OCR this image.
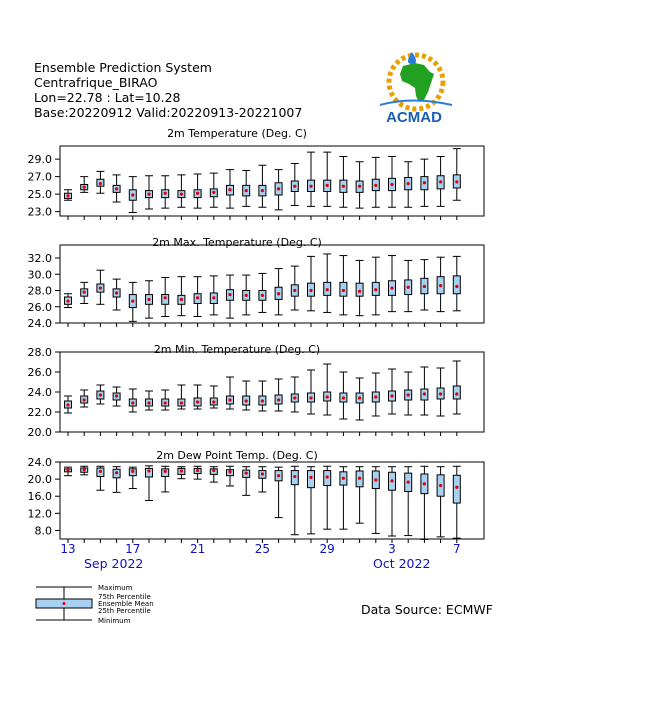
Ensemble Prediction System
Centrafrique_BIRAO
Lon=22.78 : Lat=10.28
Base:20220912 Valid:20220913-20221007	ACMAD
2m Temperature (Deg. C)
23.0
25.0
27.0
29.0
2m Max. Temperature (Deg. C)
24.0
26.0
28.0
30.0
32.0
2m Min. Temperature (Deg. C)
20.0
22.0
24.0
26.0
28.0
2m Dew Point Temp. (Deg. C)
8.0
12.0
16.0
20.0
24.0
13	17	21	25	29	3	7
Sep 2022	Oct 2022
Maximum
75th Percentile
Ensemble Mean
25th Percentile
Minimum
Data Source: ECMWF
